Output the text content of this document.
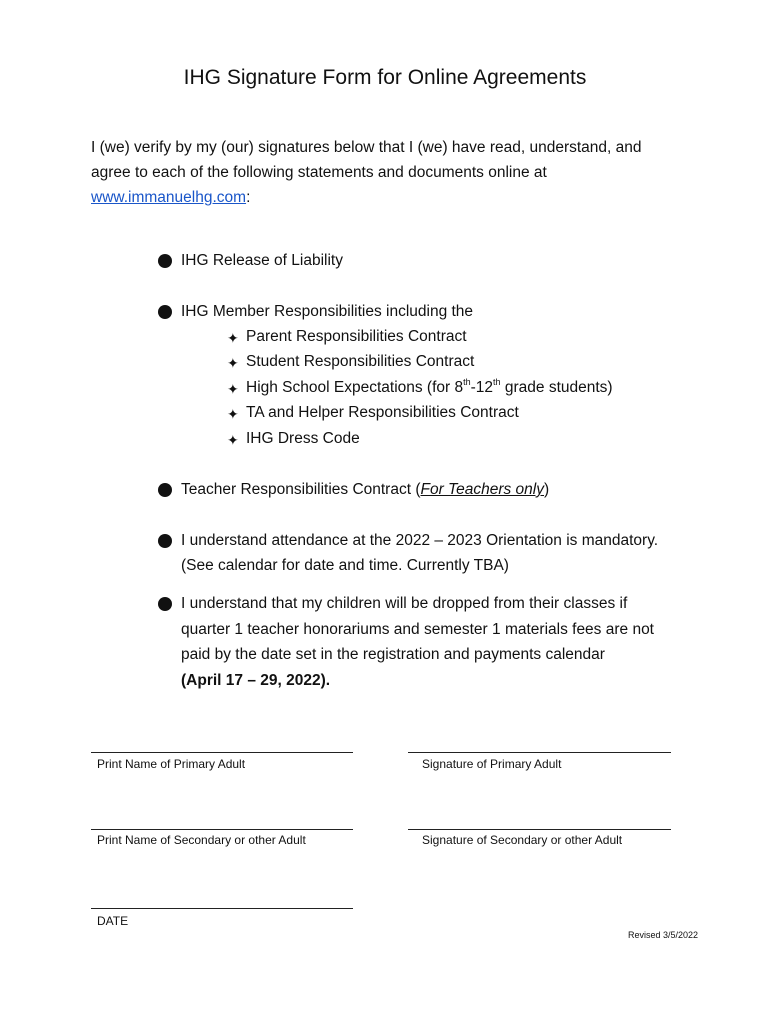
IHG Signature Form for Online Agreements
I (we) verify by my (our) signatures below that I (we) have read, understand, and
agree to each of the following statements and documents online at
www.immanuelhg.com:
IHG Release of Liability
IHG Member Responsibilities including the
✦ Parent Responsibilities Contract
✦ Student Responsibilities Contract
✦ High School Expectations (for 8th-12th grade students)
✦ TA and Helper Responsibilities Contract
✦ IHG Dress Code
Teacher Responsibilities Contract (For Teachers only)
I understand attendance at the 2022 – 2023 Orientation is mandatory.
(See calendar for date and time. Currently TBA)
I understand that my children will be dropped from their classes if
quarter 1 teacher honorariums and semester 1 materials fees are not
paid by the date set in the registration and payments calendar
(April 17 – 29, 2022).
Print Name of Primary Adult	Signature of Primary Adult
Print Name of Secondary or other Adult	Signature of Secondary or other Adult
DATE
Revised 3/5/2022
